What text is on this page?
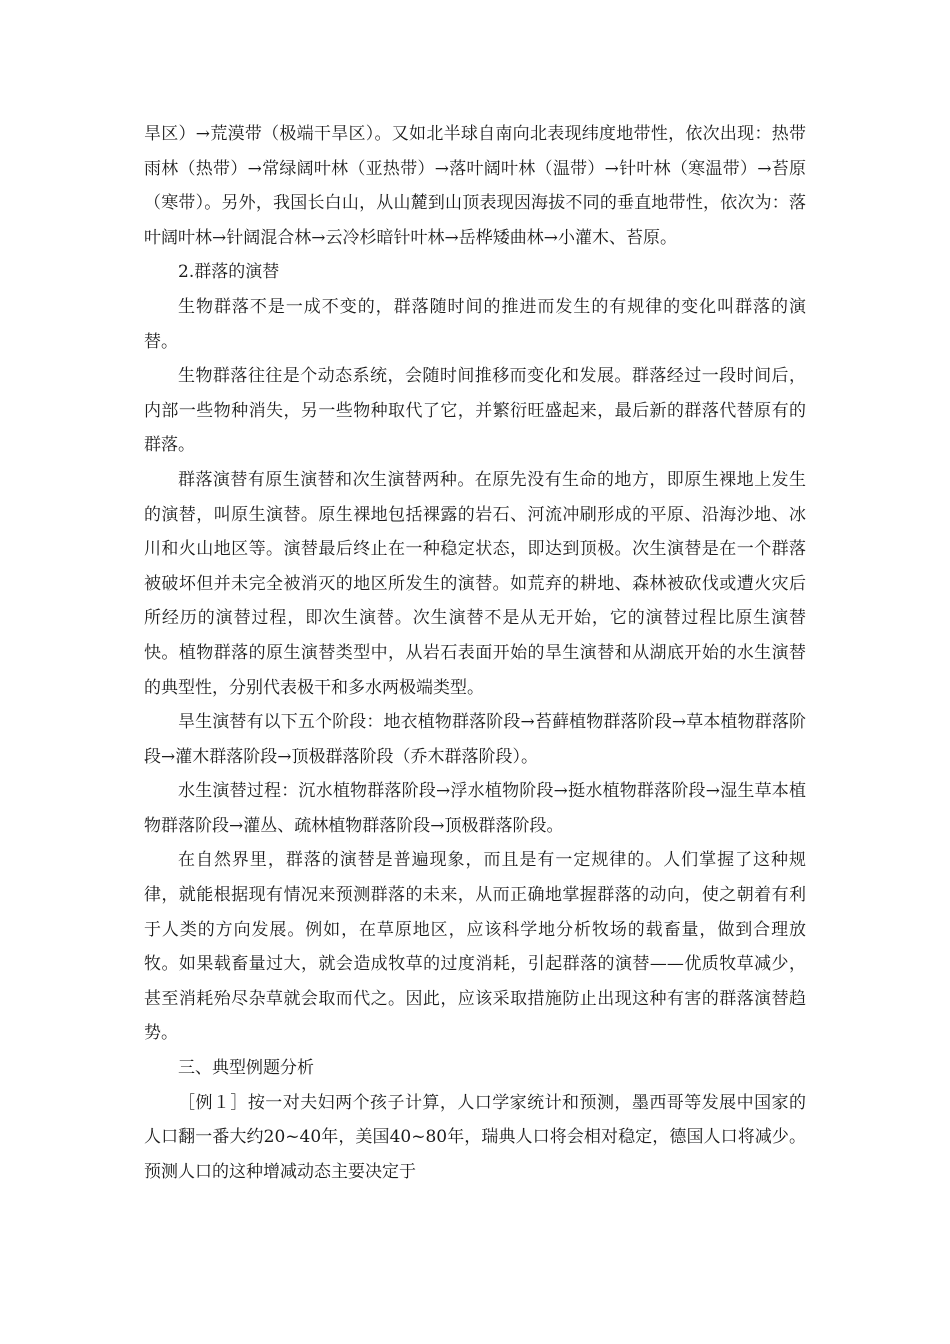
旱区）→荒漠带（极端干旱区）。又如北半球自南向北表现纬度地带性，依次出现：热带雨林（热带）→常绿阔叶林（亚热带）→落叶阔叶林（温带）→针叶林（寒温带）→苔原（寒带）。另外，我国长白山，从山麓到山顶表现因海拔不同的垂直地带性，依次为：落叶阔叶林→针阔混合林→云冷杉暗针叶林→岳桦矮曲林→小灌木、苔原。

2.群落的演替

生物群落不是一成不变的，群落随时间的推进而发生的有规律的变化叫群落的演替。

生物群落往往是个动态系统，会随时间推移而变化和发展。群落经过一段时间后，内部一些物种消失，另一些物种取代了它，并繁衍旺盛起来，最后新的群落代替原有的群落。

群落演替有原生演替和次生演替两种。在原先没有生命的地方，即原生裸地上发生的演替，叫原生演替。原生裸地包括裸露的岩石、河流冲刷形成的平原、沿海沙地、冰川和火山地区等。演替最后终止在一种稳定状态，即达到顶极。次生演替是在一个群落被破坏但并未完全被消灭的地区所发生的演替。如荒弃的耕地、森林被砍伐或遭火灾后所经历的演替过程，即次生演替。次生演替不是从无开始，它的演替过程比原生演替快。植物群落的原生演替类型中，从岩石表面开始的旱生演替和从湖底开始的水生演替的典型性，分别代表极干和多水两极端类型。

旱生演替有以下五个阶段：地衣植物群落阶段→苔藓植物群落阶段→草本植物群落阶段→灌木群落阶段→顶极群落阶段（乔木群落阶段）。

水生演替过程：沉水植物群落阶段→浮水植物阶段→挺水植物群落阶段→湿生草本植物群落阶段→灌丛、疏林植物群落阶段→顶极群落阶段。

在自然界里，群落的演替是普遍现象，而且是有一定规律的。人们掌握了这种规律，就能根据现有情况来预测群落的未来，从而正确地掌握群落的动向，使之朝着有利于人类的方向发展。例如，在草原地区，应该科学地分析牧场的载畜量，做到合理放牧。如果载畜量过大，就会造成牧草的过度消耗，引起群落的演替——优质牧草减少，甚至消耗殆尽杂草就会取而代之。因此，应该采取措施防止出现这种有害的群落演替趋势。

三、典型例题分析

［例１］按一对夫妇两个孩子计算，人口学家统计和预测，墨西哥等发展中国家的人口翻一番大约20~40年，美国40~80年，瑞典人口将会相对稳定，德国人口将减少。预测人口的这种增减动态主要决定于
